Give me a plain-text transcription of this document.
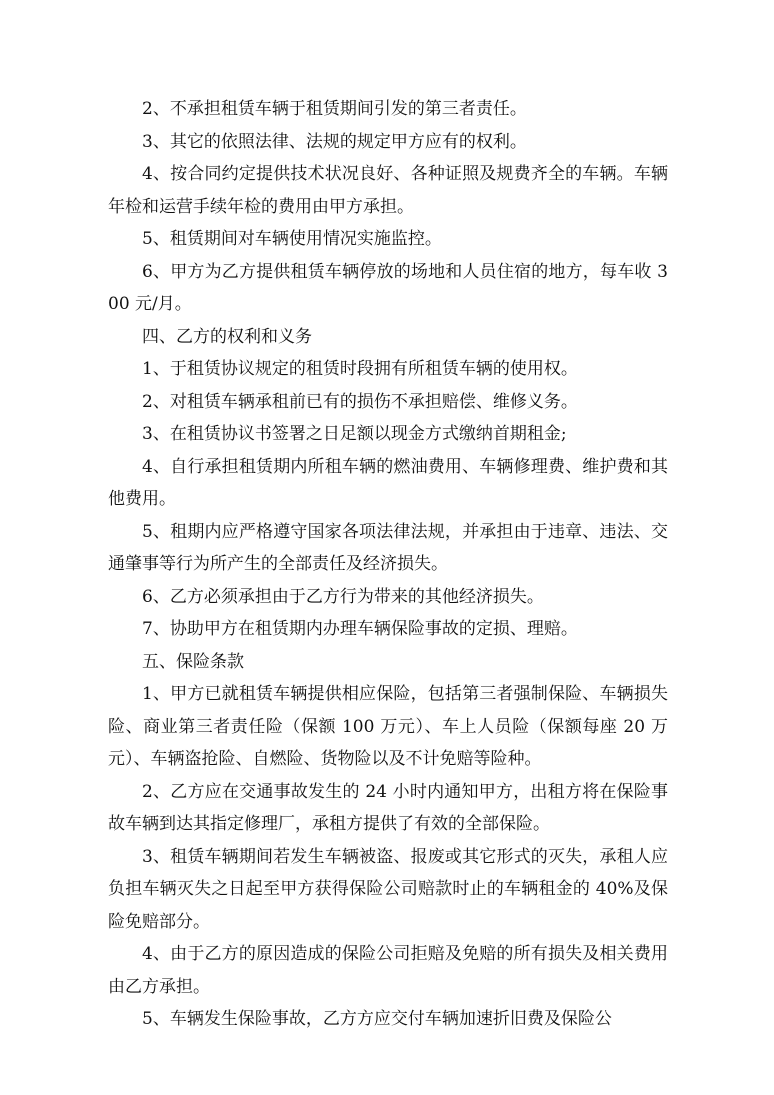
2、不承担租赁车辆于租赁期间引发的第三者责任。

3、其它的依照法律、法规的规定甲方应有的权利。

4、按合同约定提供技术状况良好、各种证照及规费齐全的车辆。车辆年检和运营手续年检的费用由甲方承担。

5、租赁期间对车辆使用情况实施监控。

6、甲方为乙方提供租赁车辆停放的场地和人员住宿的地方，每车收 300 元/月。

四、乙方的权利和义务

1、于租赁协议规定的租赁时段拥有所租赁车辆的使用权。

2、对租赁车辆承租前已有的损伤不承担赔偿、维修义务。

3、在租赁协议书签署之日足额以现金方式缴纳首期租金;

4、自行承担租赁期内所租车辆的燃油费用、车辆修理费、维护费和其他费用。

5、租期内应严格遵守国家各项法律法规，并承担由于违章、违法、交通肇事等行为所产生的全部责任及经济损失。

6、乙方必须承担由于乙方行为带来的其他经济损失。

7、协助甲方在租赁期内办理车辆保险事故的定损、理赔。

五、保险条款

1、甲方已就租赁车辆提供相应保险，包括第三者强制保险、车辆损失险、商业第三者责任险（保额 100 万元）、车上人员险（保额每座 20 万元）、车辆盗抢险、自燃险、货物险以及不计免赔等险种。

2、乙方应在交通事故发生的 24 小时内通知甲方，出租方将在保险事故车辆到达其指定修理厂，承租方提供了有效的全部保险。

3、租赁车辆期间若发生车辆被盗、报废或其它形式的灭失，承租人应负担车辆灭失之日起至甲方获得保险公司赔款时止的车辆租金的 40%及保险免赔部分。

4、由于乙方的原因造成的保险公司拒赔及免赔的所有损失及相关费用由乙方承担。

5、车辆发生保险事故，乙方方应交付车辆加速折旧费及保险公
